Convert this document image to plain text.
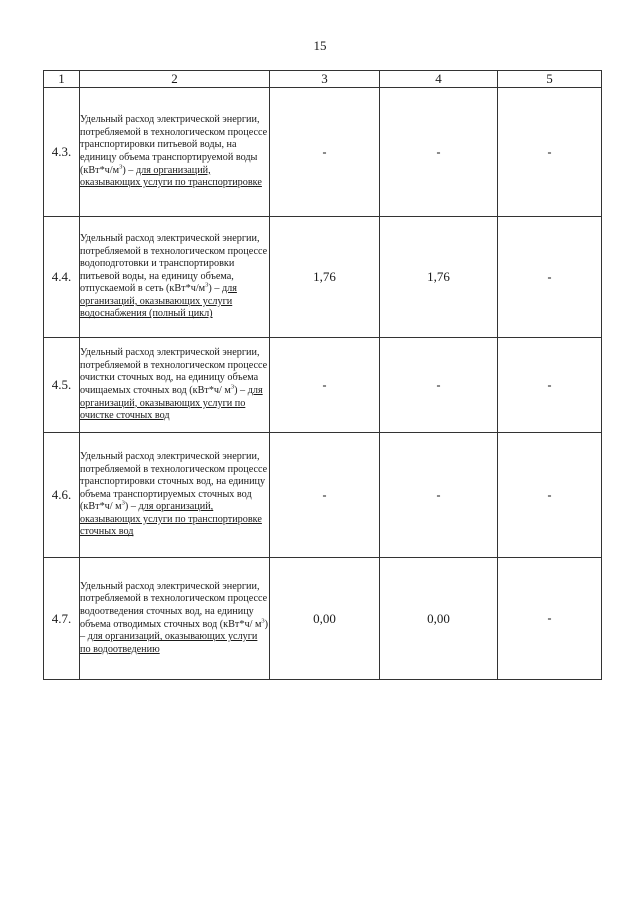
15
1	2	3	4	5
4.3.	Удельный расход электрической энергии, потребляемой в технологическом процессе транспортировки питьевой воды, на единицу объема транспортируемой воды $(кВт*ч/м^3)$ – для организаций, оказывающих услуги по транспортировке	-	-	-
4.4.	Удельный расход электрической энергии, потребляемой в технологическом процессе водоподготовки и транспортировки питьевой воды, на единицу объема, отпускаемой в сеть $(кВт*ч/м^3)$ – для организаций, оказывающих услуги водоснабжения (полный цикл)	1,76	1,76	-
4.5.	Удельный расход электрической энергии, потребляемой в технологическом процессе очистки сточных вод, на единицу объема очищаемых сточных вод (кВт*ч/ $м^3$) – для организаций, оказывающих услуги по очистке сточных вод	-	-	-
4.6.	Удельный расход электрической энергии, потребляемой в технологическом процессе транспортировки сточных вод, на единицу объема транспортируемых сточных вод (кВт*ч/ $м^3$) – для организаций, оказывающих услуги по транспортировке сточных вод	-	-	-
4.7.	Удельный расход электрической энергии, потребляемой в технологическом процессе водоотведения сточных вод, на единицу объема отводимых сточных вод (кВт*ч/ $м^3$) – для организаций, оказывающих услуги по водоотведению	0,00	0,00	-
